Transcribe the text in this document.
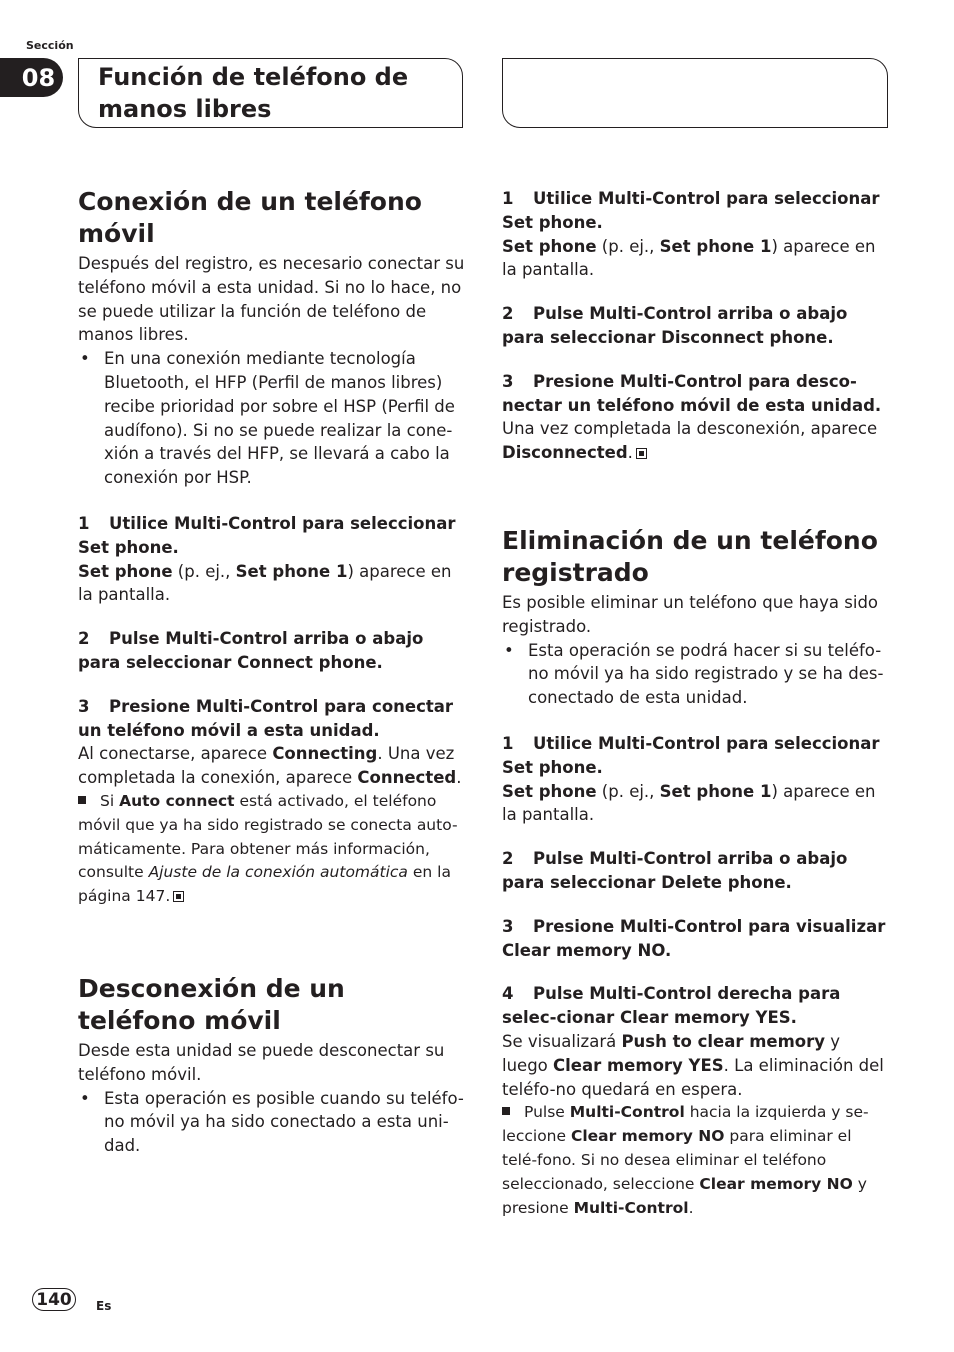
Sección
08	Función de teléfono de
manos libres
Conexión de un teléfono
móvil

Después del registro, es necesario conectar su teléfono móvil a esta unidad. Si no lo hace, no se puede utilizar la función de teléfono de manos libres.

• En una conexión mediante tecnología Bluetooth, el HFP (Perfil de manos libres) recibe prioridad por sobre el HSP (Perfil de audífono). Si no se puede realizar la cone-xión a través del HFP, se llevará a cabo la conexión por HSP.

1 Utilice Multi-Control para seleccionar Set phone.

Set phone (p. ej., Set phone 1) aparece en la pantalla.

2 Pulse Multi-Control arriba o abajo para seleccionar Connect phone.

3 Presione Multi-Control para conectar un teléfono móvil a esta unidad.

Al conectarse, aparece Connecting. Una vez completada la conexión, aparece Connected.

Si Auto connect está activado, el teléfono móvil que ya ha sido registrado se conecta auto-máticamente. Para obtener más información, consulte Ajuste de la conexión automática en la página 147.

Desconexión de un
teléfono móvil

Desde esta unidad se puede desconectar su teléfono móvil.

• Esta operación es posible cuando su teléfo-no móvil ya ha sido conectado a esta uni-dad.

1 Utilice Multi-Control para seleccionar Set phone.

Set phone (p. ej., Set phone 1) aparece en la pantalla.

2 Pulse Multi-Control arriba o abajo para seleccionar Disconnect phone.

3 Presione Multi-Control para desco-nectar un teléfono móvil de esta unidad.

Una vez completada la desconexión, aparece Disconnected.

Eliminación de un teléfono
registrado

Es posible eliminar un teléfono que haya sido registrado.

• Esta operación se podrá hacer si su teléfo-no móvil ya ha sido registrado y se ha des-conectado de esta unidad.

1 Utilice Multi-Control para seleccionar Set phone.

Set phone (p. ej., Set phone 1) aparece en la pantalla.

2 Pulse Multi-Control arriba o abajo para seleccionar Delete phone.

3 Presione Multi-Control para visualizar Clear memory NO.

4 Pulse Multi-Control derecha para selec-cionar Clear memory YES.

Se visualizará Push to clear memory y luego Clear memory YES. La eliminación del teléfo-no quedará en espera.

Pulse Multi-Control hacia la izquierda y se-leccione Clear memory NO para eliminar el telé-fono. Si no desea eliminar el teléfono seleccionado, seleccione Clear memory NO y presione Multi-Control.

140	Es
